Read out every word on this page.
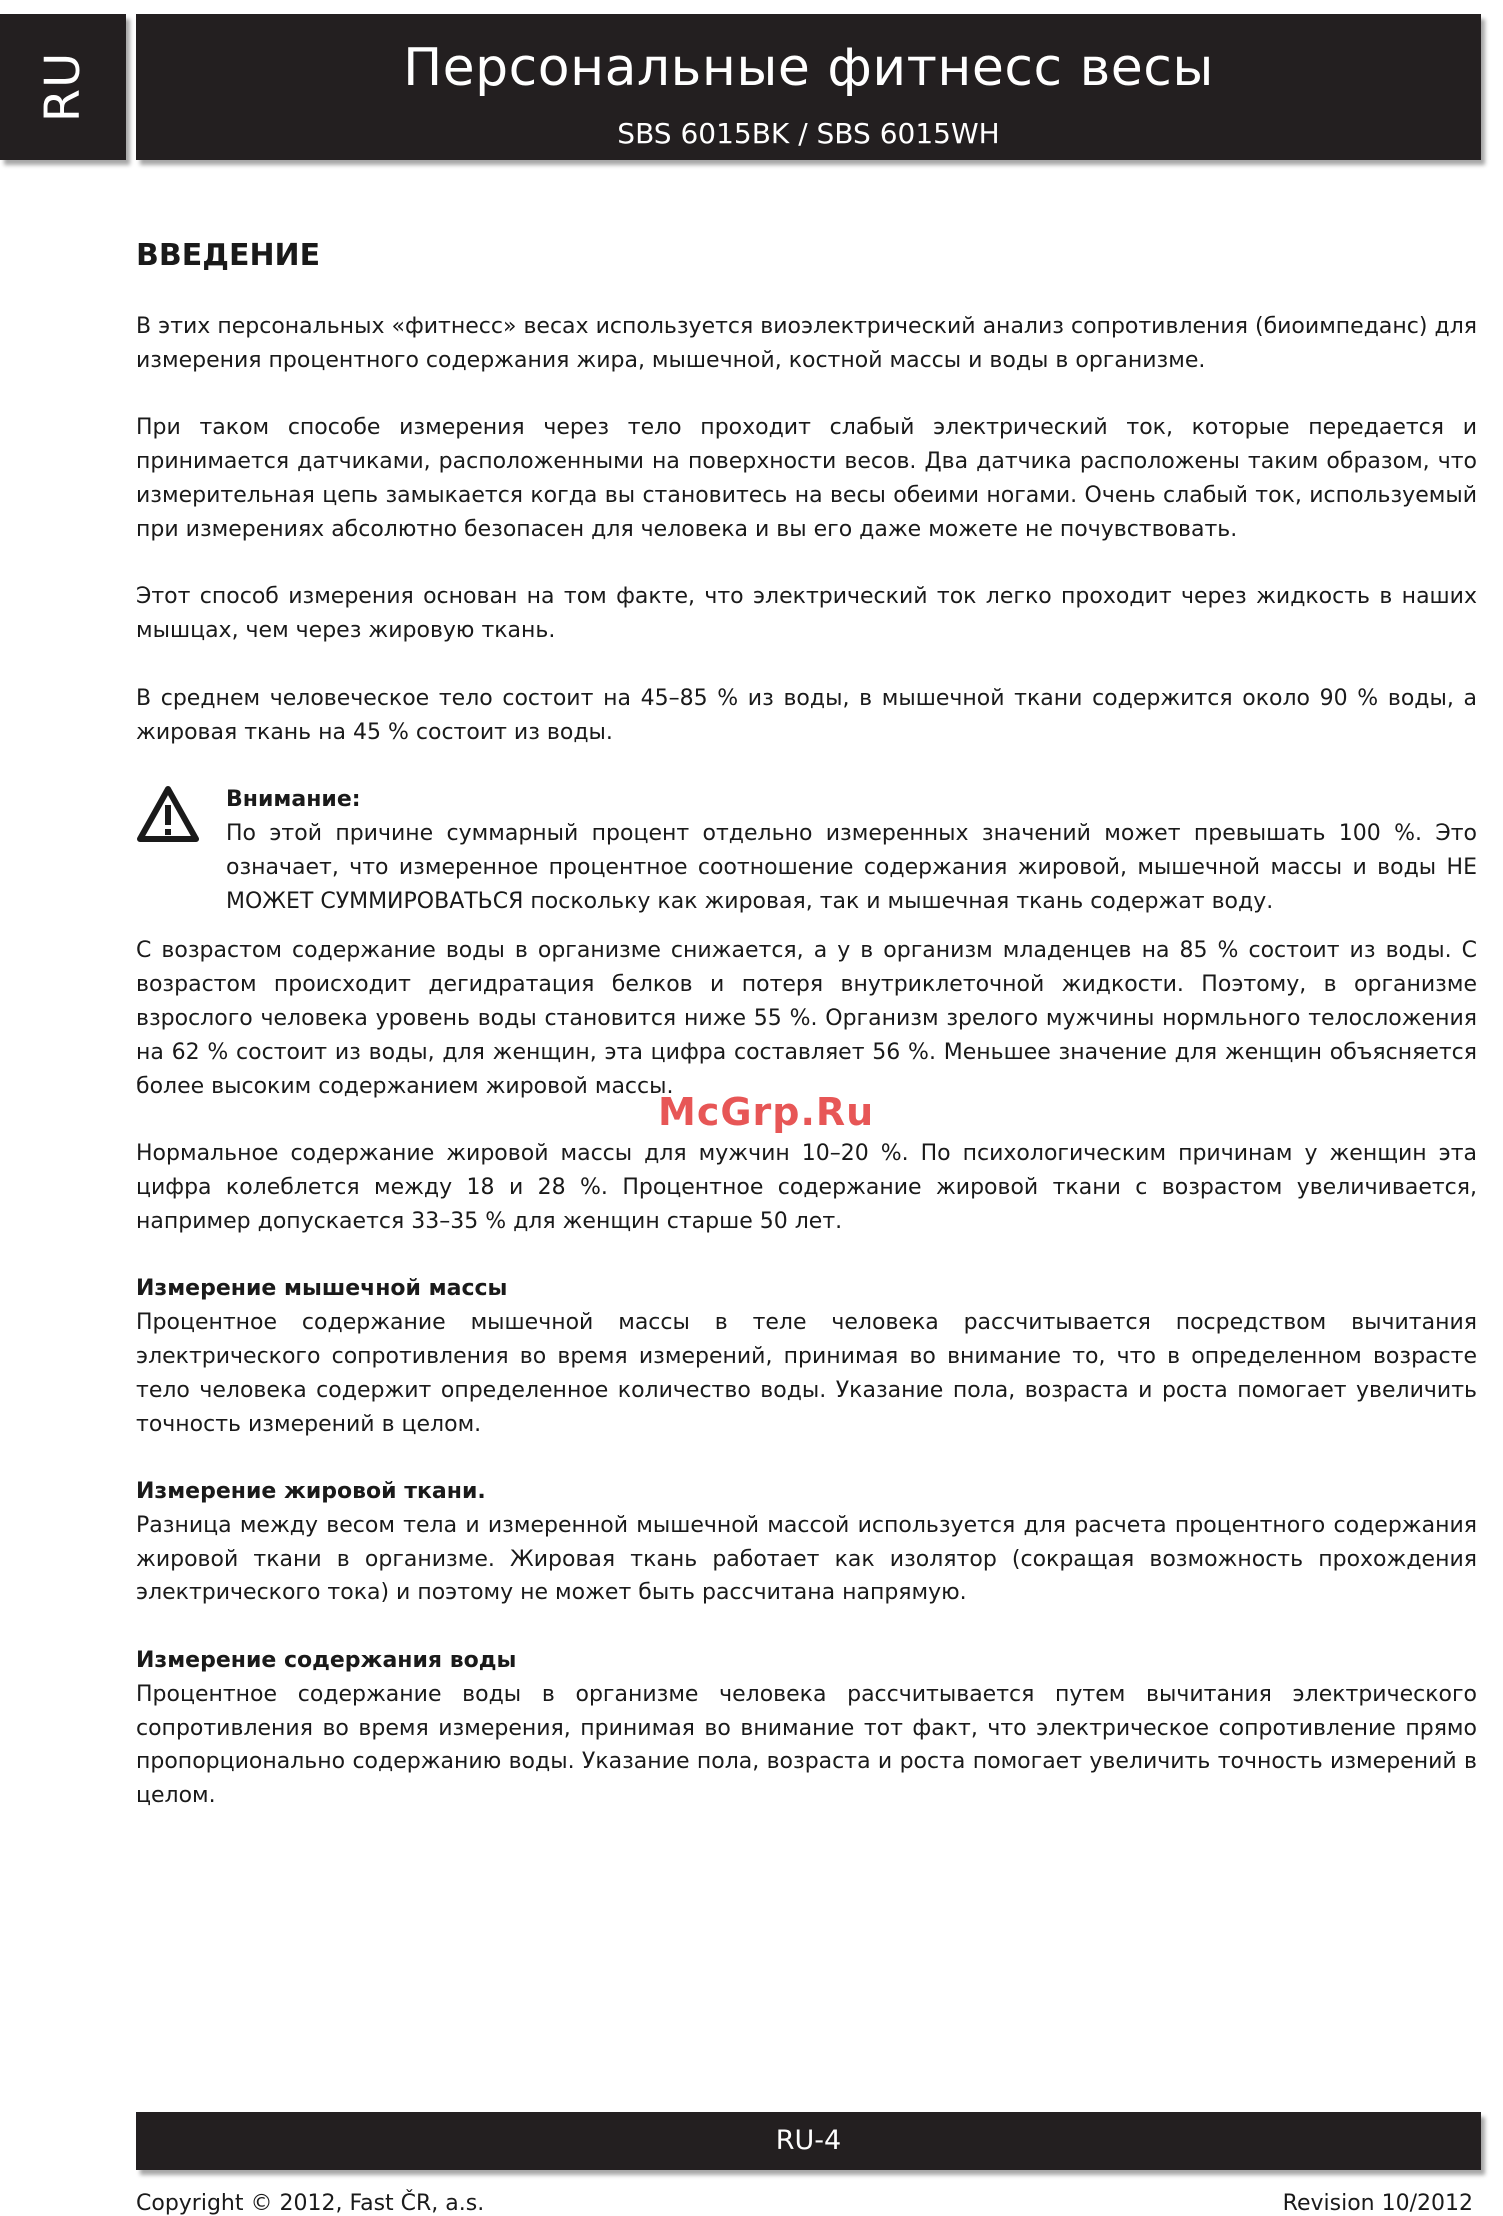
RU	Персональные фитнесс весы
SBS 6015BK / SBS 6015WH
ВВЕДЕНИЕ

В этих персональных «фитнесс» весах используется виоэлектрический анализ сопротивления (биоимпеданс) для измерения процентного содержания жира, мышечной, костной массы и воды в организме.

При таком способе измерения через тело проходит слабый электрический ток, которые передается и принимается датчиками, расположенными на поверхности весов. Два датчика расположены таким образом, что измерительная цепь замыкается когда вы становитесь на весы обеими ногами. Очень слабый ток, используемый при измерениях абсолютно безопасен для человека и вы его даже можете не почувствовать.

Этот способ измерения основан на том факте, что электрический ток легко проходит через жидкость в наших мышцах, чем через жировую ткань.

В среднем человеческое тело состоит на 45–85 % из воды, в мышечной ткани содержится около 90 % воды, а жировая ткань на 45 % состоит из воды.

Внимание:

По этой причине суммарный процент отдельно измеренных значений может превышать 100 %. Это означает, что измеренное процентное соотношение содержания жировой, мышечной массы и воды НЕ МОЖЕТ СУММИРОВАТЬСЯ поскольку как жировая, так и мышечная ткань содержат воду.

С возрастом содержание воды в организме снижается, а у в организм младенцев на 85 % состоит из воды. С возрастом происходит дегидратация белков и потеря внутриклеточной жидкости. Поэтому, в организме взрослого человека уровень воды становится ниже 55 %. Организм зрелого мужчины нормльного телосложения на 62 % состоит из воды, для женщин, эта цифра составляет 56 %. Меньшее значение для женщин объясняется более высоким содержанием жировой массы.

Нормальное содержание жировой массы для мужчин 10–20 %. По психологическим причинам у женщин эта цифра колеблется между 18 и 28 %. Процентное содержание жировой ткани с возрастом увеличивается, например допускается 33–35 % для женщин старше 50 лет.

Измерение мышечной массы

Процентное содержание мышечной массы в теле человека рассчитывается посредством вычитания электрического сопротивления во время измерений, принимая во внимание то, что в определенном возрасте тело человека содержит определенное количество воды. Указание пола, возраста и роста помогает увеличить точность измерений в целом.

Измерение жировой ткани.

Разница между весом тела и измеренной мышечной массой используется для расчета процентного содержания жировой ткани в организме. Жировая ткань работает как изолятор (сокращая возможность прохождения электрического тока) и поэтому не может быть рассчитана напрямую.

Измерение содержания воды

Процентное содержание воды в организме человека рассчитывается путем вычитания электрического сопротивления во время измерения, принимая во внимание тот факт, что электрическое сопротивление прямо пропорционально содержанию воды. Указание пола, возраста и роста помогает увеличить точность измерений в целом.

McGrp.Ru
RU-4
Copyright © 2012, Fast ČR, a.s.	Revision 10/2012
